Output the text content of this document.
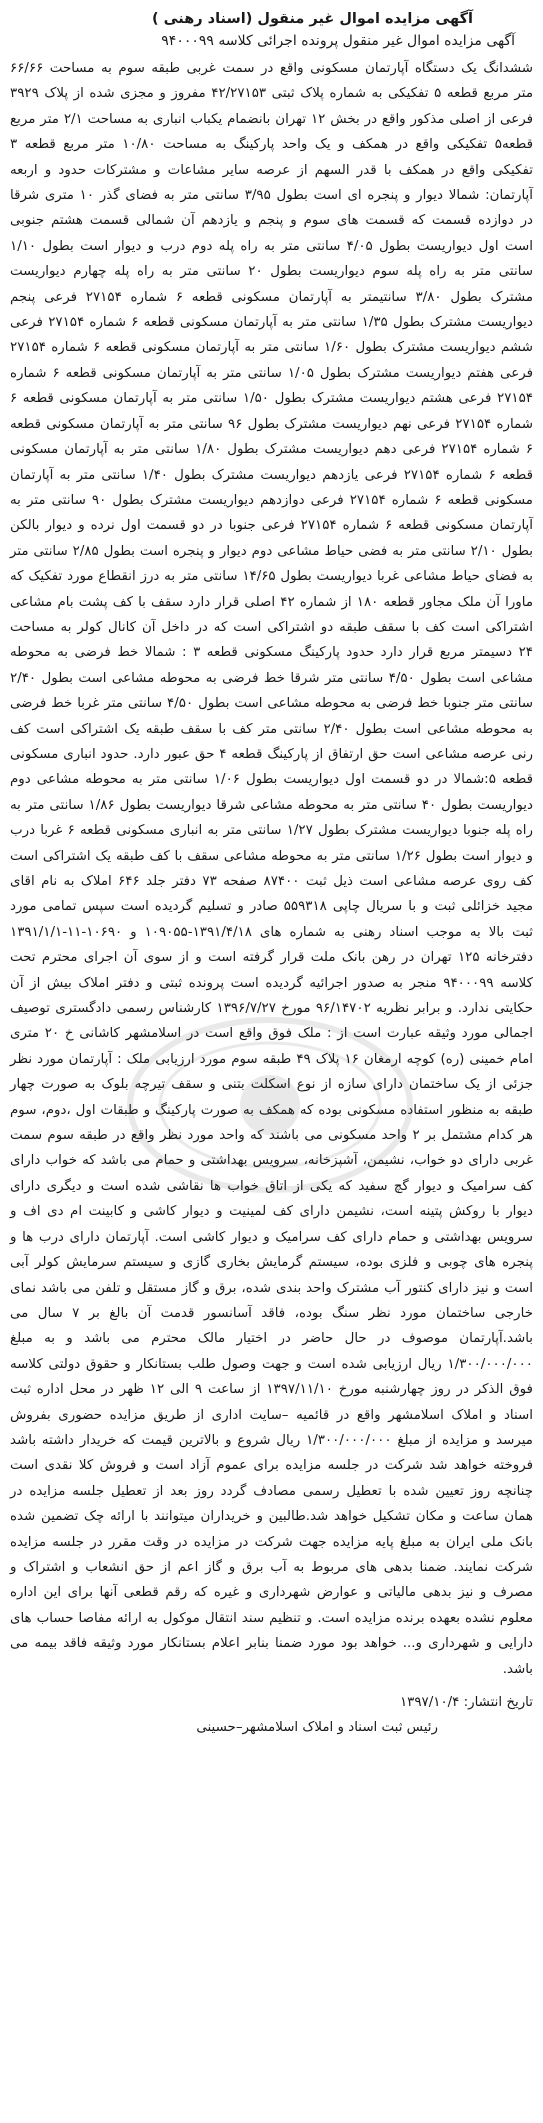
آگهی مزایده اموال غیر منقول (اسناد رهنی )

آگهی مزایده اموال غیر منقول پرونده اجرائی کلاسه ۹۴۰۰۰۹۹

ششدانگ یک دستگاه آپارتمان مسکونی واقع در سمت غربی طبقه سوم به مساحت ۶۶/۶۶ متر مربع قطعه ۵ تفکیکی به شماره پلاک ثبتی ۴۲/۲۷۱۵۳ مفروز و مجزی شده از پلاک ۳۹۲۹ فرعی از اصلی مذکور واقع در بخش ۱۲ تهران بانضمام یکباب انباری به مساحت ۲/۱ متر مربع قطعه۵ تفکیکی واقع در همکف و یک واحد پارکینگ به مساحت ۱۰/۸۰ متر مربع قطعه ۳ تفکیکی واقع در همکف با قدر السهم از عرصه سایر مشاعات و مشترکات حدود و اربعه آپارتمان: شمالا دیوار و پنجره ای است بطول ۳/۹۵ سانتی متر به فضای گذر ۱۰ متری شرقا در دوازده قسمت که قسمت های سوم و پنجم و یازدهم آن شمالی قسمت هشتم جنوبی است اول دیواریست بطول ۴/۰۵ سانتی متر به راه پله دوم درب و دیوار است بطول ۱/۱۰ سانتی متر به راه پله سوم دیواریست بطول ۲۰ سانتی متر به راه پله چهارم دیواریست مشترک بطول ۳/۸۰ سانتیمتر به آپارتمان مسکونی قطعه ۶ شماره ۲۷۱۵۴ فرعی پنجم دیواریست مشترک بطول ۱/۳۵ سانتی متر به آپارتمان مسکونی قطعه ۶ شماره ۲۷۱۵۴ فرعی ششم دیواریست مشترک بطول ۱/۶۰ سانتی متر به آپارتمان مسکونی قطعه ۶ شماره ۲۷۱۵۴ فرعی هفتم دیواریست مشترک بطول ۱/۰۵ سانتی متر به آپارتمان مسکونی قطعه ۶ شماره ۲۷۱۵۴ فرعی هشتم دیواریست مشترک بطول ۱/۵۰ سانتی متر به آپارتمان مسکونی قطعه ۶ شماره ۲۷۱۵۴ فرعی نهم دیواریست مشترک بطول ۹۶ سانتی متر به آپارتمان مسکونی قطعه ۶ شماره ۲۷۱۵۴ فرعی دهم دیواریست مشترک بطول ۱/۸۰ سانتی متر به آپارتمان مسکونی قطعه ۶ شماره ۲۷۱۵۴ فرعی یازدهم دیواریست مشترک بطول ۱/۴۰ سانتی متر به آپارتمان مسکونی قطعه ۶ شماره ۲۷۱۵۴ فرعی دوازدهم دیواریست مشترک بطول ۹۰ سانتی متر به آپارتمان مسکونی قطعه ۶ شماره ۲۷۱۵۴ فرعی جنوبا در دو قسمت اول نرده و دیوار بالکن بطول ۲/۱۰ سانتی متر به فضی حیاط مشاعی دوم دیوار و پنجره است بطول ۲/۸۵ سانتی متر به فضای حیاط مشاعی غربا دیواریست بطول ۱۴/۶۵ سانتی متر به درز انقطاع مورد تفکیک که ماورا آن ملک مجاور قطعه ۱۸۰ از شماره ۴۲ اصلی قرار دارد سقف با کف پشت بام مشاعی اشتراکی است کف با سقف طبقه دو اشتراکی است که در داخل آن کانال کولر به مساحت ۲۴ دسیمتر مربع قرار دارد حدود پارکینگ مسکونی قطعه ۳ : شمالا خط فرضی به محوطه مشاعی است بطول ۴/۵۰ سانتی متر شرقا خط فرضی به محوطه مشاعی است بطول ۲/۴۰ سانتی متر جنوبا خط فرضی به محوطه مشاعی است بطول ۴/۵۰ سانتی متر غربا خط فرضی به محوطه مشاعی است بطول ۲/۴۰ سانتی متر کف با سقف طبقه یک اشتراکی است کف رنی عرصه مشاعی است حق ارتفاق از پارکینگ قطعه ۴ حق عبور دارد. حدود انباری مسکونی قطعه ۵:شمالا در دو قسمت اول دیواریست بطول ۱/۰۶ سانتی متر به محوطه مشاعی دوم دیواریست بطول ۴۰ سانتی متر به محوطه مشاعی شرقا دیواریست بطول ۱/۸۶ سانتی متر به راه پله جنوبا دیواریست مشترک بطول ۱/۲۷ سانتی متر به انباری مسکونی قطعه ۶ غربا درب و دیوار است بطول ۱/۲۶ سانتی متر به محوطه مشاعی سقف با کف طبقه یک اشتراکی است کف روی عرصه مشاعی است ذیل ثبت ۸۷۴۰۰ صفحه ۷۳ دفتر جلد ۶۴۶ املاک به نام اقای مجید خزائلی ثبت و با سریال چاپی ۵۵۹۳۱۸ صادر و تسلیم گردیده است سپس تمامی مورد ثبت بالا به موجب اسناد رهنی به شماره های ۱۳۹۱/۴/۱۸-۱۰۹۰۵۵ و ۱۰۶۹۰-۱۱-۱۳۹۱/۱/۱ دفترخانه ۱۲۵ تهران در رهن بانک ملت قرار گرفته است و از سوی آن اجرای محترم تحت کلاسه ۹۴۰۰۰۹۹ منجر به صدور اجرائیه گردیده است پرونده ثبتی و دفتر املاک بیش از آن حکایتی ندارد. و برابر نظریه ۹۶/۱۴۷۰۲ مورخ ۱۳۹۶/۷/۲۷ کارشناس رسمی دادگستری توصیف اجمالی مورد وثیقه عبارت است از : ملک فوق واقع است در اسلامشهر کاشانی خ ۲۰ متری امام خمینی (ره) کوچه ارمغان ۱۶ پلاک ۴۹ طبقه سوم مورد ارزیابی ملک : آپارتمان مورد نظر جزئی از یک ساختمان دارای سازه از نوع اسکلت بتنی و سقف تیرچه بلوک به صورت چهار طبقه به منظور استفاده مسکونی بوده که همکف به صورت پارکینگ و طبقات اول ،دوم، سوم هر کدام مشتمل بر ۲ واحد مسکونی می باشند که واحد مورد نظر واقع در طبقه سوم سمت غربی دارای دو خواب، نشیمن، آشپزخانه، سرویس بهداشتی و حمام می باشد که خواب دارای کف سرامیک و دیوار گچ سفید که یکی از اتاق خواب ها نقاشی شده است و دیگری دارای دیوار با روکش پتینه است، نشیمن دارای کف لمینیت و دیوار کاشی و کابینت ام دی اف و سرویس بهداشتی و حمام دارای کف سرامیک و دیوار کاشی است. آپارتمان دارای درب ها و پنجره های چوبی و فلزی بوده، سیستم گرمایش بخاری گازی و سیستم سرمایش کولر آبی است و نیز دارای کنتور آب مشترک واحد بندی شده، برق و گاز مستقل و تلفن می باشد نمای خارجی ساختمان مورد نظر سنگ بوده، فاقد آسانسور قدمت آن بالغ بر ۷ سال می باشد.آپارتمان موصوف در حال حاضر در اختیار مالک محترم می باشد و به مبلغ ۱/۳۰۰/۰۰۰/۰۰۰ ریال ارزیابی شده است و جهت وصول طلب بستانکار و حقوق دولتی کلاسه فوق الذکر در روز چهارشنبه مورخ ۱۳۹۷/۱۱/۱۰ از ساعت ۹ الی ۱۲ ظهر در محل اداره ثبت اسناد و املاک اسلامشهر واقع در قائمیه –سایت اداری از طریق مزایده حضوری بفروش میرسد و مزایده از مبلغ ۱/۳۰۰/۰۰۰/۰۰۰ ریال شروع و بالاترین قیمت که خریدار داشته باشد فروخته خواهد شد شرکت در جلسه مزایده برای عموم آزاد است و فروش کلا نقدی است چنانچه روز تعیین شده با تعطیل رسمی مصادف گردد روز بعد از تعطیل جلسه مزایده در همان ساعت و مکان تشکیل خواهد شد.طالبین و خریداران میتوانند با ارائه چک تضمین شده بانک ملی ایران به مبلغ پایه مزایده جهت شرکت در مزایده در وقت مقرر در جلسه مزایده شرکت نمایند. ضمنا بدهی های مربوط به آب برق و گاز اعم از حق انشعاب و اشتراک و مصرف و نیز بدهی مالیاتی و عوارض شهرداری و غیره که رقم قطعی آنها برای این اداره معلوم نشده بعهده برنده مزایده است. و تنظیم سند انتقال موکول به ارائه مفاصا حساب های دارایی و شهرداری و... خواهد بود مورد ضمنا بنابر اعلام بستانکار مورد وثیقه فاقد بیمه می باشد.

تاریخ انتشار: ۱۳۹۷/۱۰/۴
رئیس ثبت اسناد و املاک اسلامشهر–حسینی
